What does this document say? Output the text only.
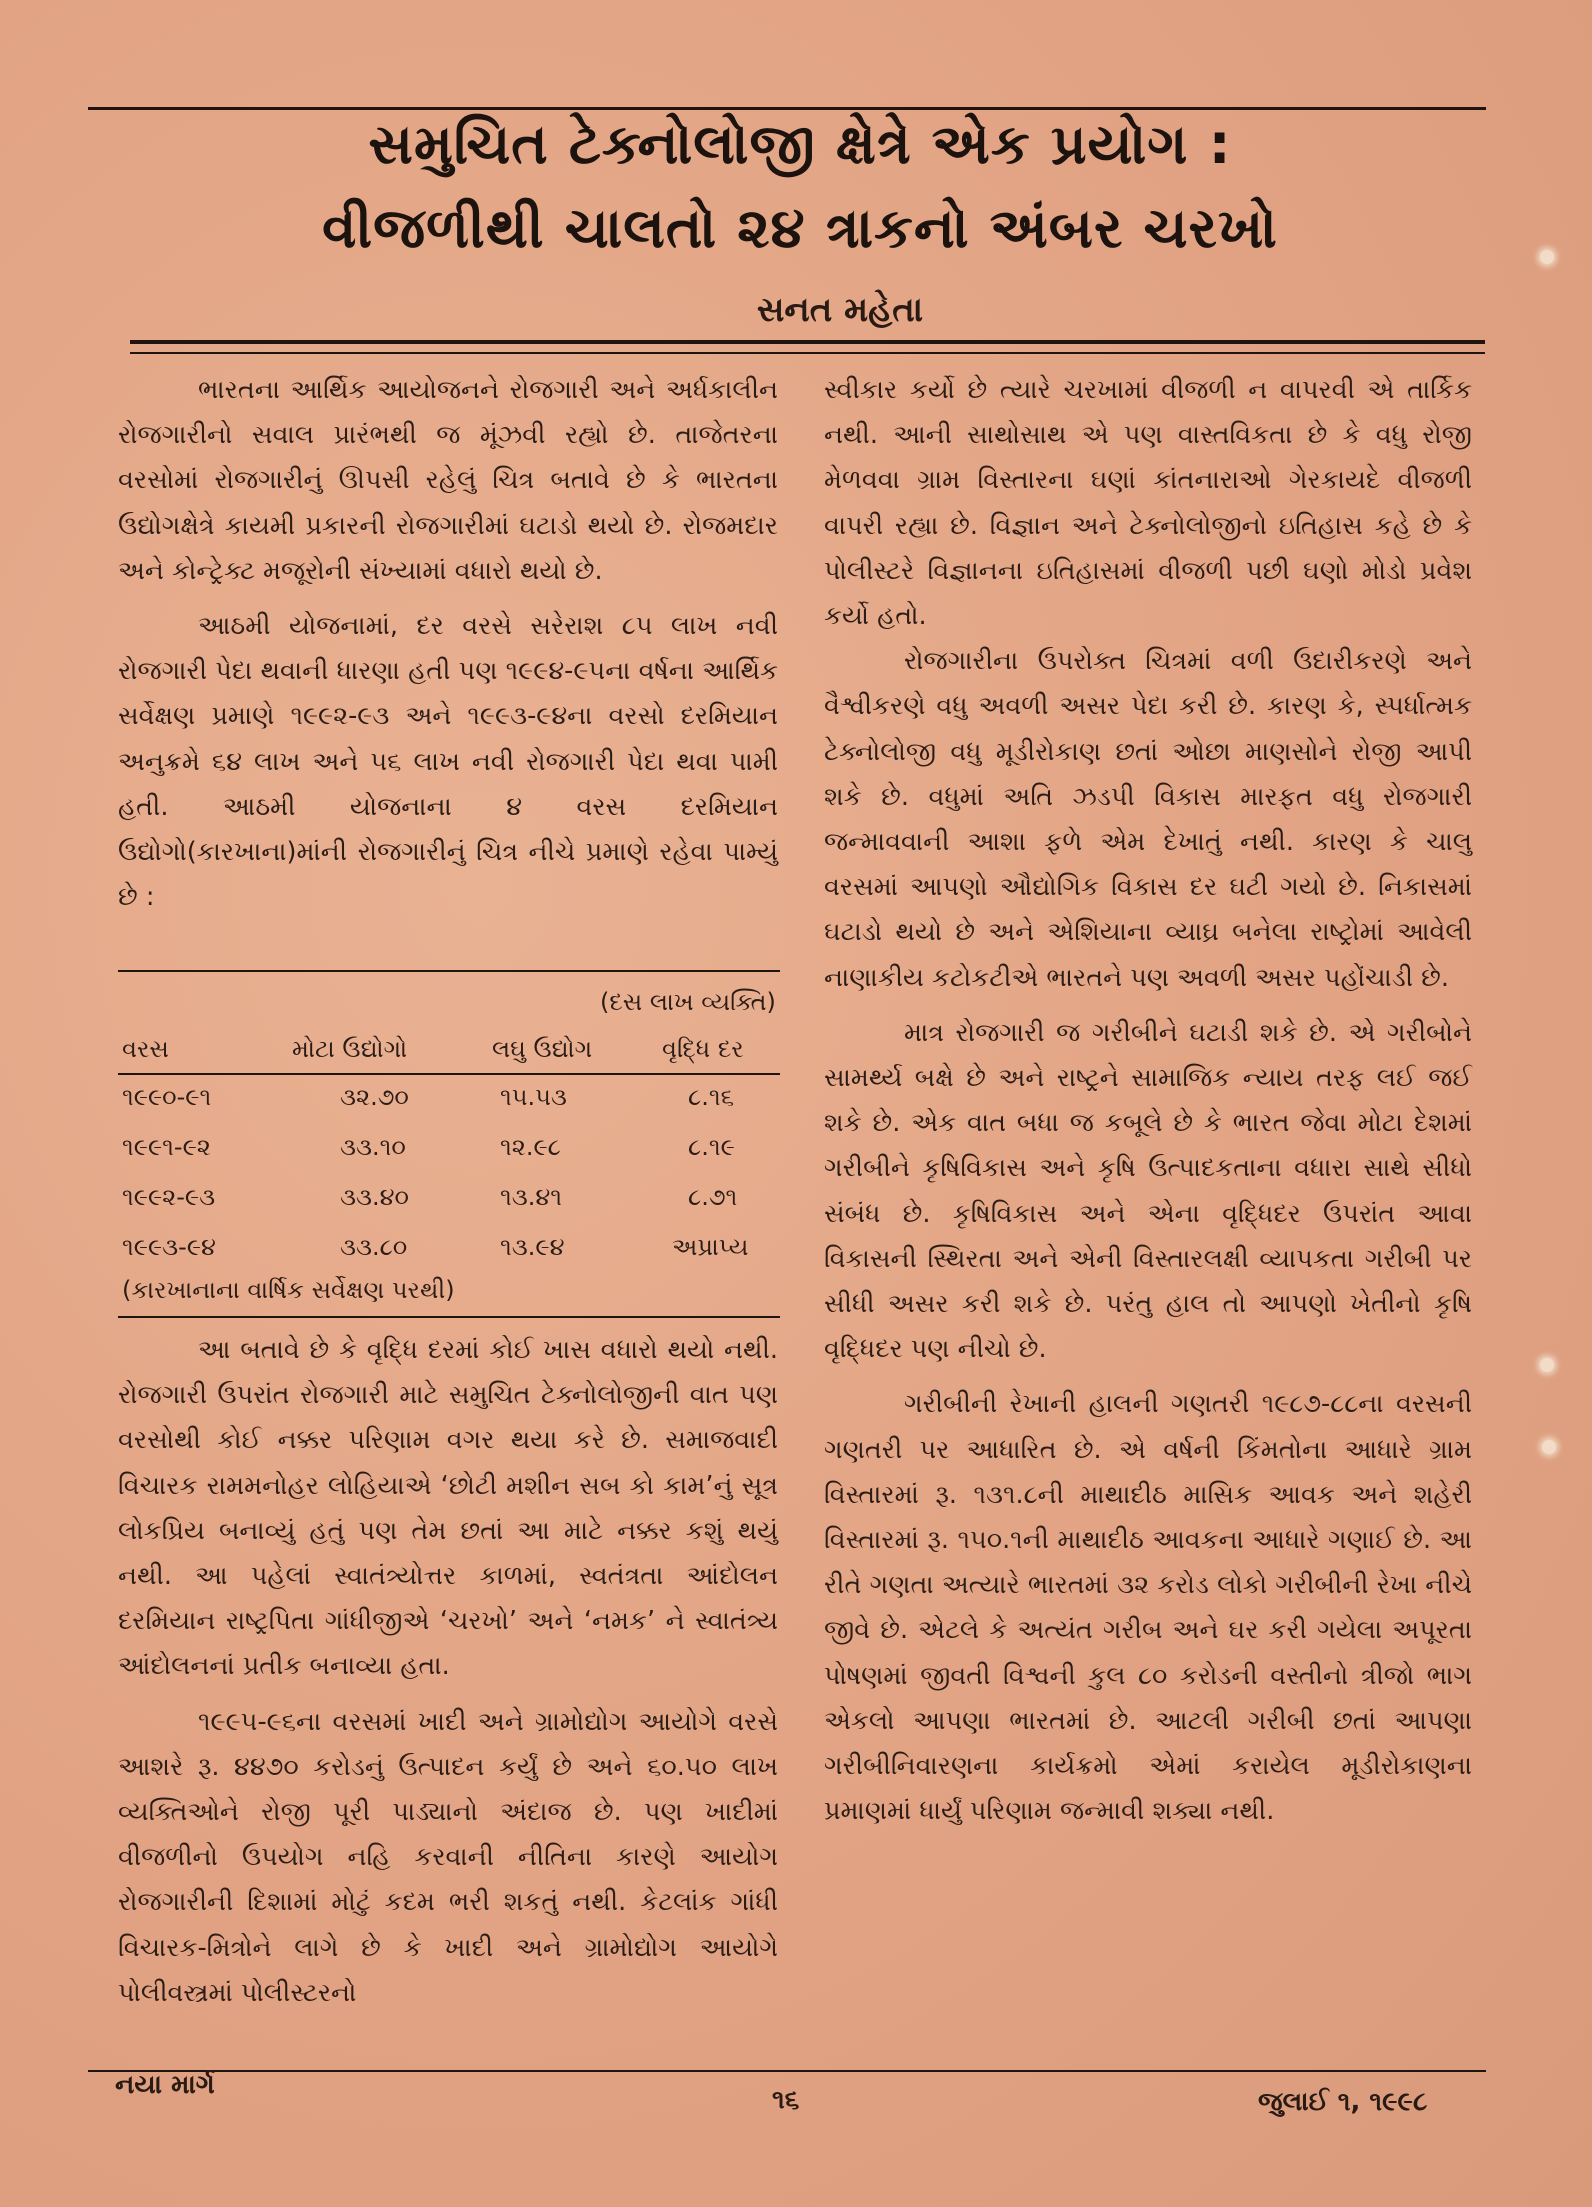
સમુચિત ટેક્નોલોજી ક્ષેત્રે એક પ્રયોગ :
વીજળીથી ચાલતો ૨૪ ત્રાકનો અંબર ચરખો
સનત મહેતા

ભારતના આર્થિક આયોજનને રોજગારી અને અર્ધકાલીન રોજગારીનો સવાલ પ્રારંભથી જ મૂંઝવી રહ્યો છે. તાજેતરના વરસોમાં રોજગારીનું ઊપસી રહેલું ચિત્ર બતાવે છે કે ભારતના ઉદ્યોગક્ષેત્રે કાયમી પ્રકારની રોજગારીમાં ઘટાડો થયો છે. રોજમદાર અને કોન્ટ્રેક્ટ મજૂરોની સંખ્યામાં વધારો થયો છે.

આઠમી યોજનામાં, દર વરસે સરેરાશ ૮૫ લાખ નવી રોજગારી પેદા થવાની ધારણા હતી પણ ૧૯૯૪-૯૫ના વર્ષના આર્થિક સર્વેક્ષણ પ્રમાણે ૧૯૯૨-૯૩ અને ૧૯૯૩-૯૪ના વરસો દરમિયાન અનુક્રમે ૬૪ લાખ અને ૫૬ લાખ નવી રોજગારી પેદા થવા પામી હતી. આઠમી યોજનાના ૪ વરસ દરમિયાન ઉદ્યોગો(કારખાના)માંની રોજગારીનું ચિત્ર નીચે પ્રમાણે રહેવા પામ્યું છે :

(દસ લાખ વ્યક્તિ)
વરસ	મોટા ઉદ્યોગો	લઘુ ઉદ્યોગ	વૃદ્ધિ દર
૧૯૯૦-૯૧	૩૨.૭૦	૧૫.૫૩	૮.૧૬
૧૯૯૧-૯૨	૩૩.૧૦	૧૨.૯૮	૮.૧૯
૧૯૯૨-૯૩	૩૩.૪૦	૧૩.૪૧	૮.૭૧
૧૯૯૩-૯૪	૩૩.૮૦	૧૩.૯૪	અપ્રાપ્ય
(કારખાનાના વાર્ષિક સર્વેક્ષણ પરથી)

આ બતાવે છે કે વૃદ્ધિ દરમાં કોઈ ખાસ વધારો થયો નથી. રોજગારી ઉપરાંત રોજગારી માટે સમુચિત ટેક્નોલોજીની વાત પણ વરસોથી કોઈ નક્કર પરિણામ વગર થયા કરે છે. સમાજવાદી વિચારક રામમનોહર લોહિયાએ ‘છોટી મશીન સબ કો કામ’નું સૂત્ર લોકપ્રિય બનાવ્યું હતું પણ તેમ છતાં આ માટે નક્કર કશું થયું નથી. આ પહેલાં સ્વાતંત્ર્યોત્તર કાળમાં, સ્વતંત્રતા આંદોલન દરમિયાન રાષ્ટ્રપિતા ગાંધીજીએ ‘ચરખો’ અને ‘નમક’ ને સ્વાતંત્ર્ય આંદોલનનાં પ્રતીક બનાવ્યા હતા.

૧૯૯૫-૯૬ના વરસમાં ખાદી અને ગ્રામોદ્યોગ આયોગે વરસે આશરે રૂ. ૪૪૭૦ કરોડનું ઉત્પાદન કર્યું છે અને ૬૦.૫૦ લાખ વ્યક્તિઓને રોજી પૂરી પાડ્યાનો અંદાજ છે. પણ ખાદીમાં વીજળીનો ઉપયોગ નહિ કરવાની નીતિના કારણે આયોગ રોજગારીની દિશામાં મોટું કદમ ભરી શકતું નથી. કેટલાંક ગાંધી વિચારક-મિત્રોને લાગે છે કે ખાદી અને ગ્રામોદ્યોગ આયોગે પોલીવસ્ત્રમાં પોલીસ્ટરનો

સ્વીકાર કર્યો છે ત્યારે ચરખામાં વીજળી ન વાપરવી એ તાર્કિક નથી. આની સાથોસાથ એ પણ વાસ્તવિકતા છે કે વધુ રોજી મેળવવા ગ્રામ વિસ્તારના ઘણાં કાંતનારાઓ ગેરકાયદે વીજળી વાપરી રહ્યા છે. વિજ્ઞાન અને ટેક્નોલોજીનો ઇતિહાસ કહે છે કે પોલીસ્ટરે વિજ્ઞાનના ઇતિહાસમાં વીજળી પછી ઘણો મોડો પ્રવેશ કર્યો હતો.

રોજગારીના ઉપરોક્ત ચિત્રમાં વળી ઉદારીકરણે અને વૈશ્વીકરણે વધુ અવળી અસર પેદા કરી છે. કારણ કે, સ્પર્ધાત્મક ટેક્નોલોજી વધુ મૂડીરોકાણ છતાં ઓછા માણસોને રોજી આપી શકે છે. વધુમાં અતિ ઝડપી વિકાસ મારફત વધુ રોજગારી જન્માવવાની આશા ફળે એમ દેખાતું નથી. કારણ કે ચાલુ વરસમાં આપણો ઔદ્યોગિક વિકાસ દર ઘટી ગયો છે. નિકાસમાં ઘટાડો થયો છે અને એશિયાના વ્યાઘ્ર બનેલા રાષ્ટ્રોમાં આવેલી નાણાકીય કટોકટીએ ભારતને પણ અવળી અસર પહોંચાડી છે.

માત્ર રોજગારી જ ગરીબીને ઘટાડી શકે છે. એ ગરીબોને સામર્થ્ય બક્ષે છે અને રાષ્ટ્રને સામાજિક ન્યાય તરફ લઈ જઈ શકે છે. એક વાત બધા જ કબૂલે છે કે ભારત જેવા મોટા દેશમાં ગરીબીને કૃષિવિકાસ અને કૃષિ ઉત્પાદકતાના વધારા સાથે સીધો સંબંધ છે. કૃષિવિકાસ અને એના વૃદ્ધિદર ઉપરાંત આવા વિકાસની સ્થિરતા અને એની વિસ્તારલક્ષી વ્યાપકતા ગરીબી પર સીધી અસર કરી શકે છે. પરંતુ હાલ તો આપણો ખેતીનો કૃષિ વૃદ્ધિદર પણ નીચો છે.

ગરીબીની રેખાની હાલની ગણતરી ૧૯૮૭-૮૮ના વરસની ગણતરી પર આધારિત છે. એ વર્ષની કિંમતોના આધારે ગ્રામ વિસ્તારમાં રૂ. ૧૩૧.૮ની માથાદીઠ માસિક આવક અને શહેરી વિસ્તારમાં રૂ. ૧૫૦.૧ની માથાદીઠ આવકના આધારે ગણાઈ છે. આ રીતે ગણતા અત્યારે ભારતમાં ૩૨ કરોડ લોકો ગરીબીની રેખા નીચે જીવે છે. એટલે કે અત્યંત ગરીબ અને ઘર કરી ગયેલા અપૂરતા પોષણમાં જીવતી વિશ્વની કુલ ૮૦ કરોડની વસ્તીનો ત્રીજો ભાગ એકલો આપણા ભારતમાં છે. આટલી ગરીબી છતાં આપણા ગરીબીનિવારણના કાર્યક્રમો એમાં કરાયેલ મૂડીરોકાણના પ્રમાણમાં ધાર્યું પરિણામ જન્માવી શક્યા નથી.

નયા માર્ગ	૧૬	જુલાઈ ૧, ૧૯૯૮
